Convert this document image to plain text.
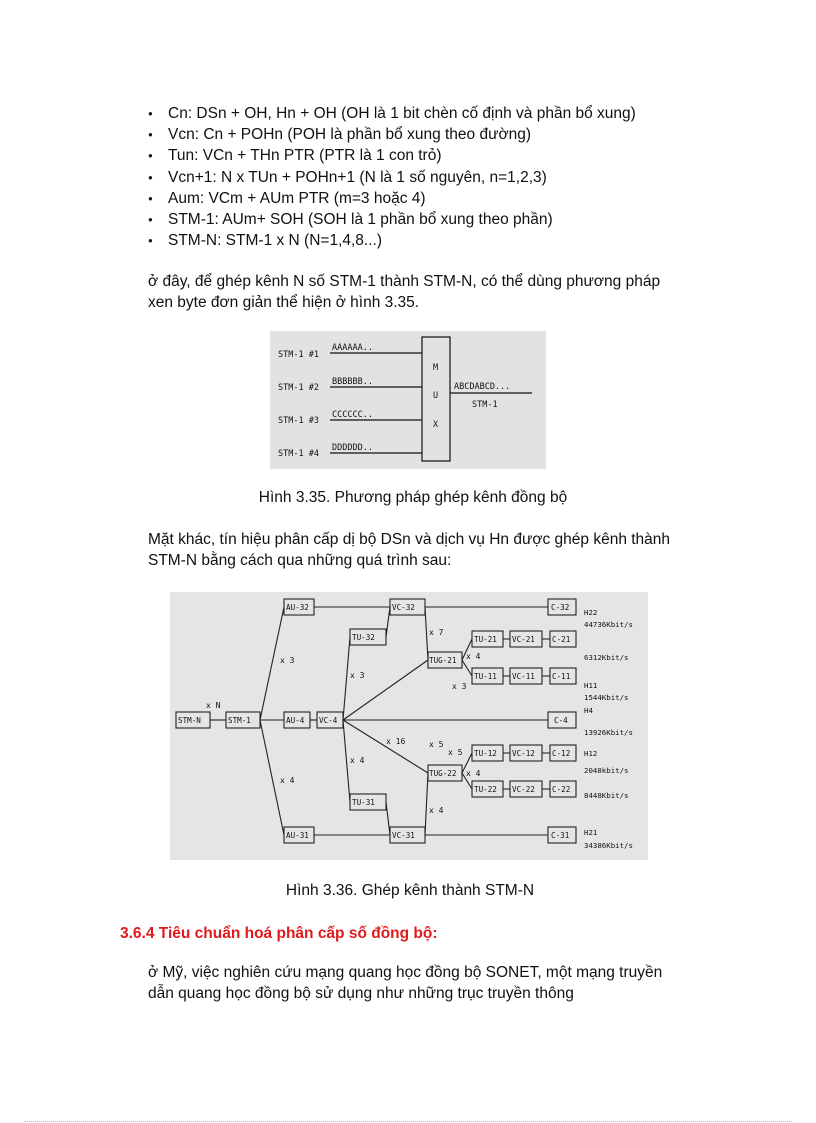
● Cn: DSn + OH, Hn + OH (OH là 1 bit chèn cố định và phần bổ xung)
● Vcn: Cn + POHn (POH là phần bổ xung theo đường)
● Tun: VCn + THn PTR (PTR là 1 con trỏ)
● Vcn+1: N x TUn + POHn+1 (N là 1 số nguyên, n=1,2,3)
● Aum: VCm + AUm PTR (m=3 hoặc 4)
● STM-1: AUm+ SOH (SOH là 1 phần bổ xung theo phần)
● STM-N: STM-1 x N (N=1,4,8...)

ở đây, để ghép kênh N số STM-1 thành STM-N, có thể dùng phương pháp xen byte đơn giản thể hiện ở hình 3.35.

STM-1 #1
STM-1 #2
STM-1 #3
STM-1 #4
AAAAAA..
BBBBBB..
CCCCCC..
DDDDDD..
M
U
X
ABCDABCD...
STM-1

Hình 3.35. Phương pháp ghép kênh đồng bộ

Mặt khác, tín hiệu phân cấp dị bộ DSn và dịch vụ Hn được ghép kênh thành STM-N bằng cách qua những quá trình sau:

STM-N	STM-1
AU-32
AU-4
AU-31
VC-4
TU-32
TU-31
VC-32
VC-31
TUG-21
TUG-22
TU-21
TU-11
TU-12
TU-22
VC-21
VC-11
VC-12
VC-22
C-32
C-21
C-11
C-4
C-12
C-22
C-31
x N
x 3
x 4
x 3
x 16
x 4
x 7
x 5
x 4
x 4
x 3
x 5
x 4
H22
44736Kbit/s
6312Kbit/s
H11
1544Kbit/s
H4
13926Kbit/s
H12
2048kbit/s
8448Kbit/s
H21
34386Kbit/s

Hình 3.36. Ghép kênh thành STM-N

3.6.4 Tiêu chuẩn hoá phân cấp số đồng bộ:

ở Mỹ, việc nghiên cứu mạng quang học đồng bộ SONET, một mạng truyền dẫn quang học đồng bộ sử dụng như những trục truyền thông
